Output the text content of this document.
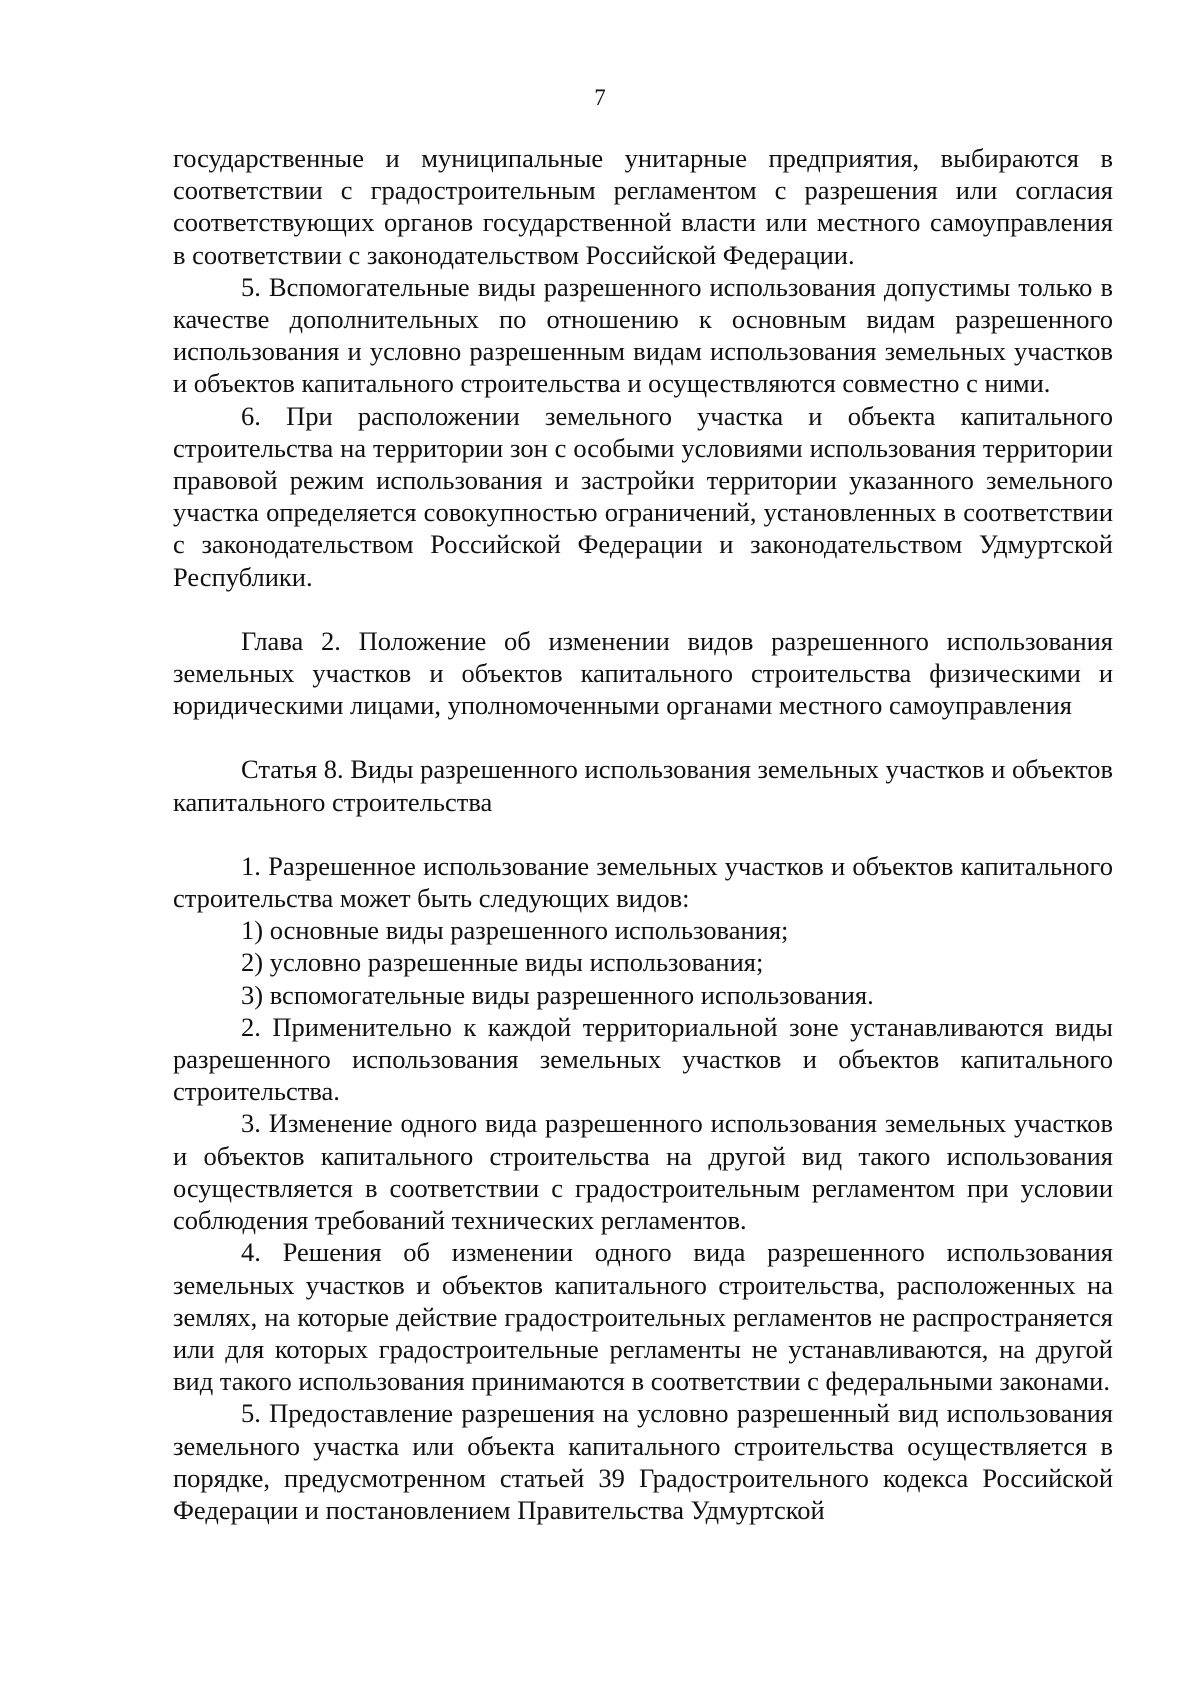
7

государственные и муниципальные унитарные предприятия, выбираются в соответствии с градостроительным регламентом с разрешения или согласия соответствующих органов государственной власти или местного самоуправления в соответствии с законодательством Российской Федерации.

5. Вспомогательные виды разрешенного использования допустимы только в качестве дополнительных по отношению к основным видам разрешенного использования и условно разрешенным видам использования земельных участков и объектов капитального строительства и осуществляются совместно с ними.

6. При расположении земельного участка и объекта капитального строительства на территории зон с особыми условиями использования территории правовой режим использования и застройки территории указанного земельного участка определяется совокупностью ограничений, установленных в соответствии с законодательством Российской Федерации и законодательством Удмуртской Республики.

Глава 2. Положение об изменении видов разрешенного использования земельных участков и объектов капитального строительства физическими и юридическими лицами, уполномоченными органами местного самоуправления

Статья 8. Виды разрешенного использования земельных участков и объектов капитального строительства

1. Разрешенное использование земельных участков и объектов капитального строительства может быть следующих видов:

1) основные виды разрешенного использования;

2) условно разрешенные виды использования;

3) вспомогательные виды разрешенного использования.

2. Применительно к каждой территориальной зоне устанавливаются виды разрешенного использования земельных участков и объектов капитального строительства.

3. Изменение одного вида разрешенного использования земельных участков и объектов капитального строительства на другой вид такого использования осуществляется в соответствии с градостроительным регламентом при условии соблюдения требований технических регламентов.

4. Решения об изменении одного вида разрешенного использования земельных участков и объектов капитального строительства, расположенных на землях, на которые действие градостроительных регламентов не распространяется или для которых градостроительные регламенты не устанавливаются, на другой вид такого использования принимаются в соответствии с федеральными законами.

5. Предоставление разрешения на условно разрешенный вид использования земельного участка или объекта капитального строительства осуществляется в порядке, предусмотренном статьей 39 Градостроительного кодекса Российской Федерации и постановлением Правительства Удмуртской
